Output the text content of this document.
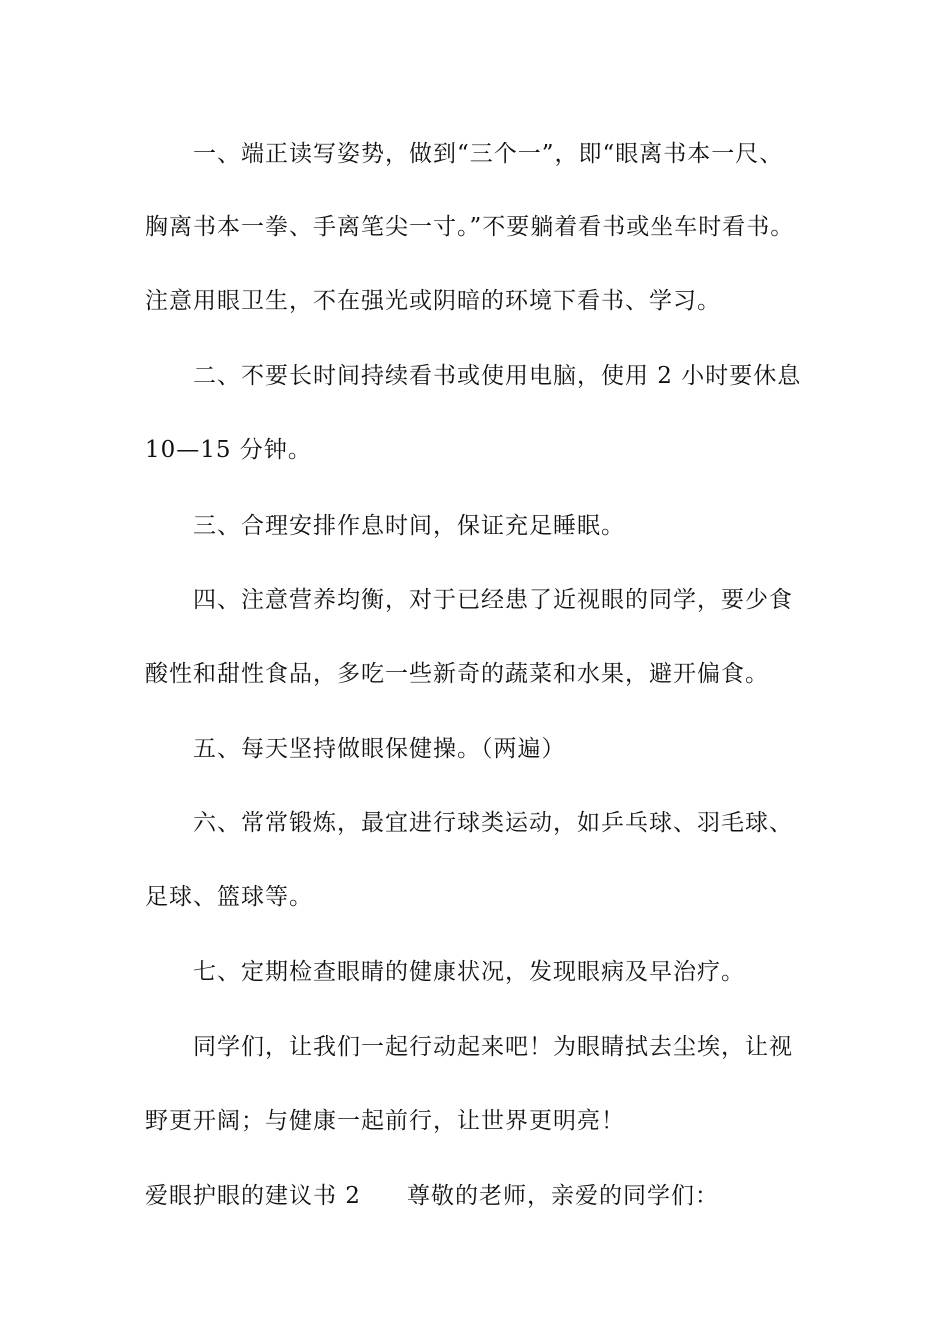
一、端正读写姿势，做到“三个一”，即“眼离书本一尺、
胸离书本一拳、手离笔尖一寸。”不要躺着看书或坐车时看书。
注意用眼卫生，不在强光或阴暗的环境下看书、学习。
二、不要长时间持续看书或使用电脑，使用 2 小时要休息
10—15 分钟。
三、合理安排作息时间，保证充足睡眠。
四、注意营养均衡，对于已经患了近视眼的同学，要少食
酸性和甜性食品，多吃一些新奇的蔬菜和水果，避开偏食。
五、每天坚持做眼保健操。（两遍）
六、常常锻炼，最宜进行球类运动，如乒乓球、羽毛球、
足球、篮球等。
七、定期检查眼睛的健康状况，发现眼病及早治疗。
同学们，让我们一起行动起来吧！为眼睛拭去尘埃，让视
野更开阔；与健康一起前行，让世界更明亮！
爱眼护眼的建议书 2 尊敬的老师，亲爱的同学们：
